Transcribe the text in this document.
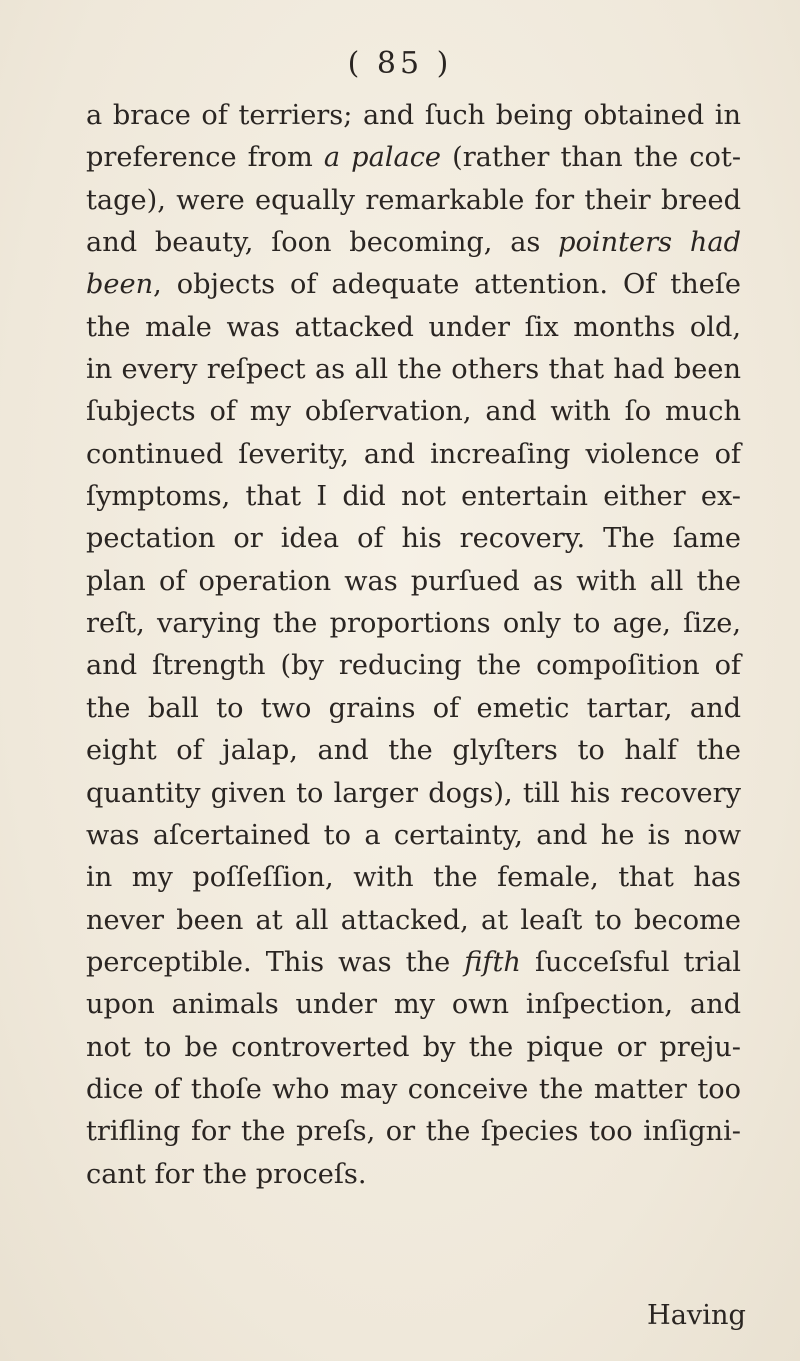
( 85 )
a brace of terriers; and ſuch being obtained in
preference from a palace (rather than the cot-
tage), were equally remarkable for their breed
and beauty, ſoon becoming, as pointers had
been, objects of adequate attention. Of theſe
the male was attacked under ſix months old,
in every reſpect as all the others that had been
ſubjects of my obſervation, and with ſo much
continued ſeverity, and increaſing violence of
ſymptoms, that I did not entertain either ex-
pectation or idea of his recovery. The ſame
plan of operation was purſued as with all the
reſt, varying the proportions only to age, ſize,
and ſtrength (by reducing the compoſition of
the ball to two grains of emetic tartar, and
eight of jalap, and the glyſters to half the
quantity given to larger dogs), till his recovery
was aſcertained to a certainty, and he is now
in my poſſeſſion, with the female, that has
never been at all attacked, at leaſt to become
perceptible. This was the fifth ſucceſsful trial
upon animals under my own inſpection, and
not to be controverted by the pique or preju-
dice of thoſe who may conceive the matter too
trifling for the preſs, or the ſpecies too inſigni-
cant for the proceſs.
Having
